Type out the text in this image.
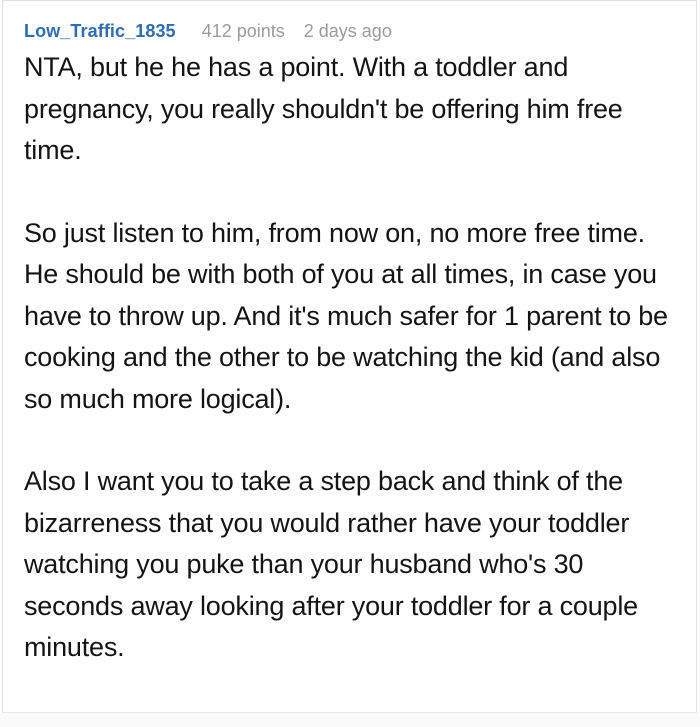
Low_Traffic_1835 412 points 2 days ago

NTA, but he he has a point. With a toddler and pregnancy, you really shouldn't be offering him free time.

So just listen to him, from now on, no more free time. He should be with both of you at all times, in case you have to throw up. And it's much safer for 1 parent to be cooking and the other to be watching the kid (and also so much more logical).

Also I want you to take a step back and think of the bizarreness that you would rather have your toddler watching you puke than your husband who's 30 seconds away looking after your toddler for a couple minutes.
